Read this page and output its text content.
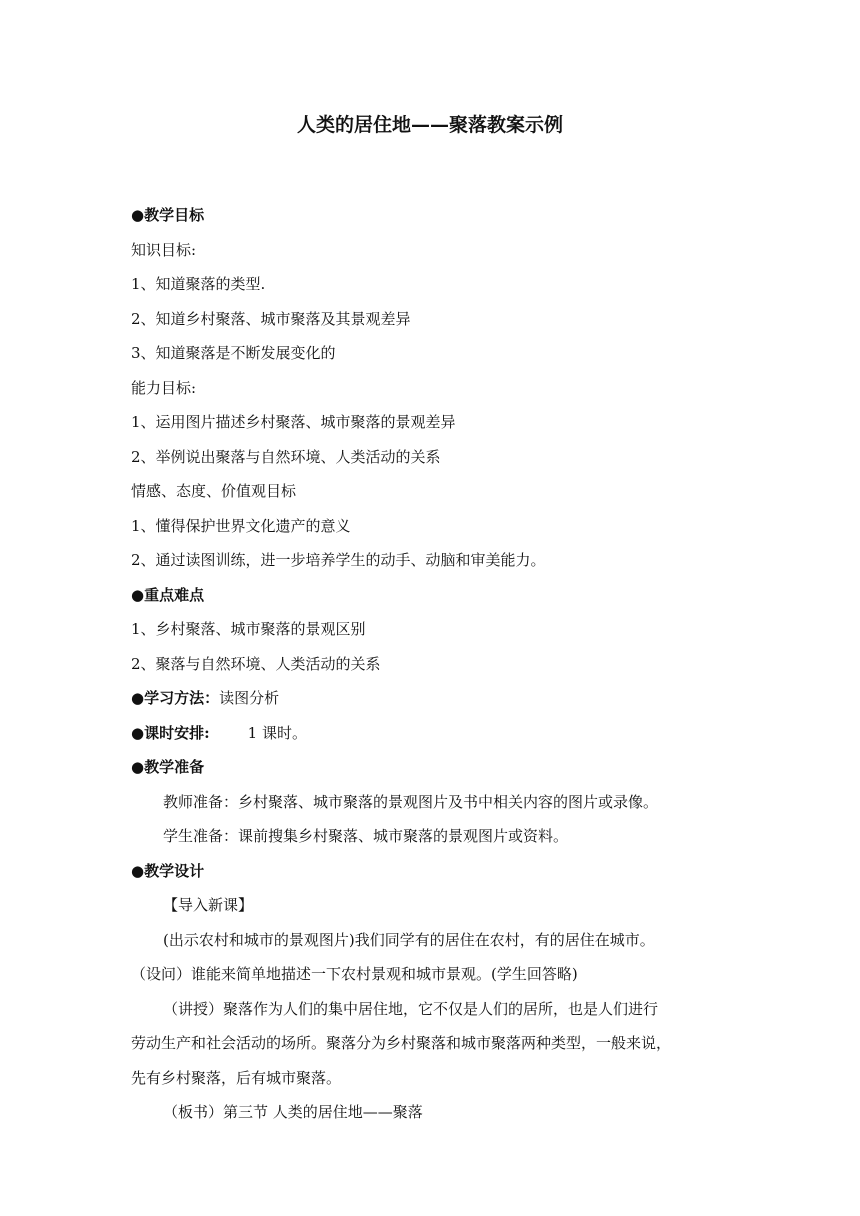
人类的居住地——聚落教案示例
●教学目标
知识目标:
1、知道聚落的类型.
2、知道乡村聚落、城市聚落及其景观差异
3、知道聚落是不断发展变化的
能力目标:
1、运用图片描述乡村聚落、城市聚落的景观差异
2、举例说出聚落与自然环境、人类活动的关系
情感、态度、价值观目标
1、懂得保护世界文化遗产的意义
2、通过读图训练，进一步培养学生的动手、动脑和审美能力。
●重点难点
1、乡村聚落、城市聚落的景观区别
2、聚落与自然环境、人类活动的关系
●学习方法：读图分析
●课时安排:	1 课时。
●教学准备
教师准备：乡村聚落、城市聚落的景观图片及书中相关内容的图片或录像。
学生准备：课前搜集乡村聚落、城市聚落的景观图片或资料。
●教学设计
【导入新课】
(出示农村和城市的景观图片)我们同学有的居住在农村，有的居住在城市。
（设问）谁能来简单地描述一下农村景观和城市景观。(学生回答略)
（讲授）聚落作为人们的集中居住地，它不仅是人们的居所，也是人们进行
劳动生产和社会活动的场所。聚落分为乡村聚落和城市聚落两种类型，一般来说，
先有乡村聚落，后有城市聚落。
（板书）第三节 人类的居住地——聚落
